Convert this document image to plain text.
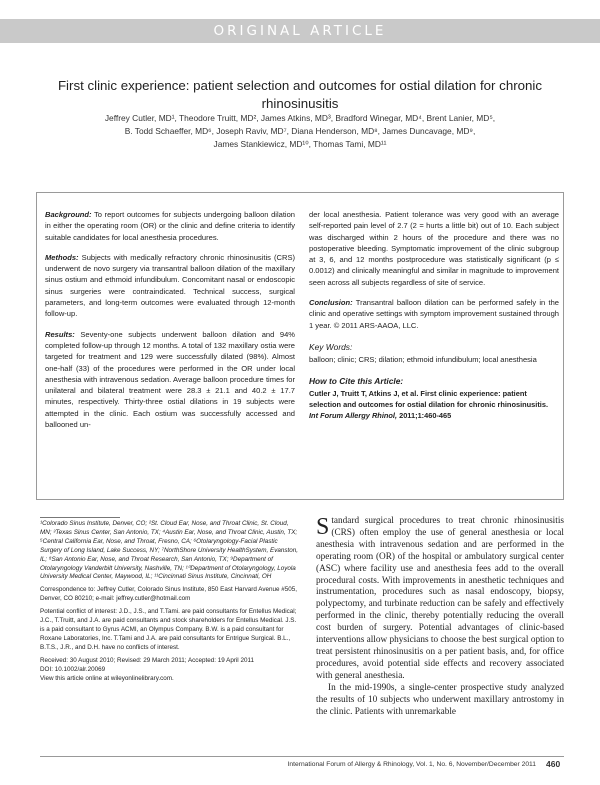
ORIGINAL ARTICLE
First clinic experience: patient selection and outcomes for ostial dilation for chronic rhinosinusitis
Jeffrey Cutler, MD¹, Theodore Truitt, MD², James Atkins, MD³, Bradford Winegar, MD⁴, Brent Lanier, MD⁵,
B. Todd Schaeffer, MD⁶, Joseph Raviv, MD⁷, Diana Henderson, MD⁸, James Duncavage, MD⁹,
James Stankiewicz, MD¹⁰, Thomas Tami, MD¹¹

Background: To report outcomes for subjects undergoing balloon dilation in either the operating room (OR) or the clinic and define criteria to identify suitable candidates for local anesthesia procedures.

Methods: Subjects with medically refractory chronic rhinosinusitis (CRS) underwent de novo surgery via transantral balloon dilation of the maxillary sinus ostium and ethmoid infundibulum. Concomitant nasal or endoscopic sinus surgeries were contraindicated. Technical success, surgical parameters, and long-term outcomes were evaluated through 12-month follow-up.

Results: Seventy-one subjects underwent balloon dilation and 94% completed follow-up through 12 months. A total of 132 maxillary ostia were targeted for treatment and 129 were successfully dilated (98%). Almost one-half (33) of the procedures were performed in the OR under local anesthesia with intravenous sedation. Average balloon procedure times for unilateral and bilateral treatment were 28.3 ± 21.1 and 40.2 ± 17.7 minutes, respectively. Thirty-three ostial dilations in 19 subjects were attempted in the clinic. Each ostium was successfully accessed and ballooned un-

der local anesthesia. Patient tolerance was very good with an average self-reported pain level of 2.7 (2 = hurts a little bit) out of 10. Each subject was discharged within 2 hours of the procedure and there was no postoperative bleeding. Symptomatic improvement of the clinic subgroup at 3, 6, and 12 months postprocedure was statistically significant (p ≤ 0.0012) and clinically meaningful and similar in magnitude to improvement seen across all subjects regardless of site of service.

Conclusion: Transantral balloon dilation can be performed safely in the clinic and operative settings with symptom improvement sustained through 1 year. © 2011 ARS-AAOA, LLC.

Key Words:

balloon; clinic; CRS; dilation; ethmoid infundibulum; local anesthesia

How to Cite this Article:

Cutler J, Truitt T, Atkins J, et al. First clinic experience: patient selection and outcomes for ostial dilation for chronic rhinosinusitis. Int Forum Allergy Rhinol, 2011;1:460-465

¹Colorado Sinus Institute, Denver, CO; ²St. Cloud Ear, Nose, and Throat Clinic, St. Cloud, MN; ³Texas Sinus Center, San Antonio, TX; ⁴Austin Ear, Nose, and Throat Clinic, Austin, TX; ⁵Central California Ear, Nose, and Throat, Fresno, CA; ⁶Otolaryngology-Facial Plastic Surgery of Long Island, Lake Success, NY; ⁷NorthShore University HealthSystem, Evanston, IL; ⁸San Antonio Ear, Nose, and Throat Research, San Antonio, TX; ⁹Department of Otolaryngology Vanderbilt University, Nashville, TN; ¹⁰Department of Otolaryngology, Loyola University Medical Center, Maywood, IL; ¹¹Cincinnati Sinus Institute, Cincinnati, OH

Correspondence to: Jeffrey Cutler, Colorado Sinus Institute, 850 East Harvard Avenue #505, Denver, CO 80210; e-mail: jeffrey.cutler@hotmail.com

Potential conflict of interest: J.D., J.S., and T.Tami. are paid consultants for Entellus Medical; J.C., T.Truitt, and J.A. are paid consultants and stock shareholders for Entellus Medical. J.S. is a paid consultant to Gyrus ACMI, an Olympus Company. B.W. is a paid consultant for Roxane Laboratories, Inc. T.Tami and J.A. are paid consultants for Entrigue Surgical. B.L., B.T.S., J.R., and D.H. have no conflicts of interest.

Received: 30 August 2010; Revised: 29 March 2011; Accepted: 19 April 2011

DOI: 10.1002/alr.20069

View this article online at wileyonlinelibrary.com.

Standard surgical procedures to treat chronic rhinosinusitis (CRS) often employ the use of general anesthesia or local anesthesia with intravenous sedation and are performed in the operating room (OR) of the hospital or ambulatory surgical center (ASC) where facility use and anesthesia fees add to the overall procedural costs. With improvements in anesthetic techniques and instrumentation, procedures such as nasal endoscopy, biopsy, polypectomy, and turbinate reduction can be safely and effectively performed in the clinic, thereby potentially reducing the overall cost burden of surgery. Potential advantages of clinic-based interventions allow physicians to choose the best surgical option to treat persistent rhinosinusitis on a per patient basis, and, for office procedures, avoid potential side effects and recovery associated with general anesthesia.

In the mid-1990s, a single-center prospective study analyzed the results of 10 subjects who underwent maxillary antrostomy in the clinic. Patients with unremarkable

International Forum of Allergy & Rhinology, Vol. 1, No. 6, November/December 2011 460
